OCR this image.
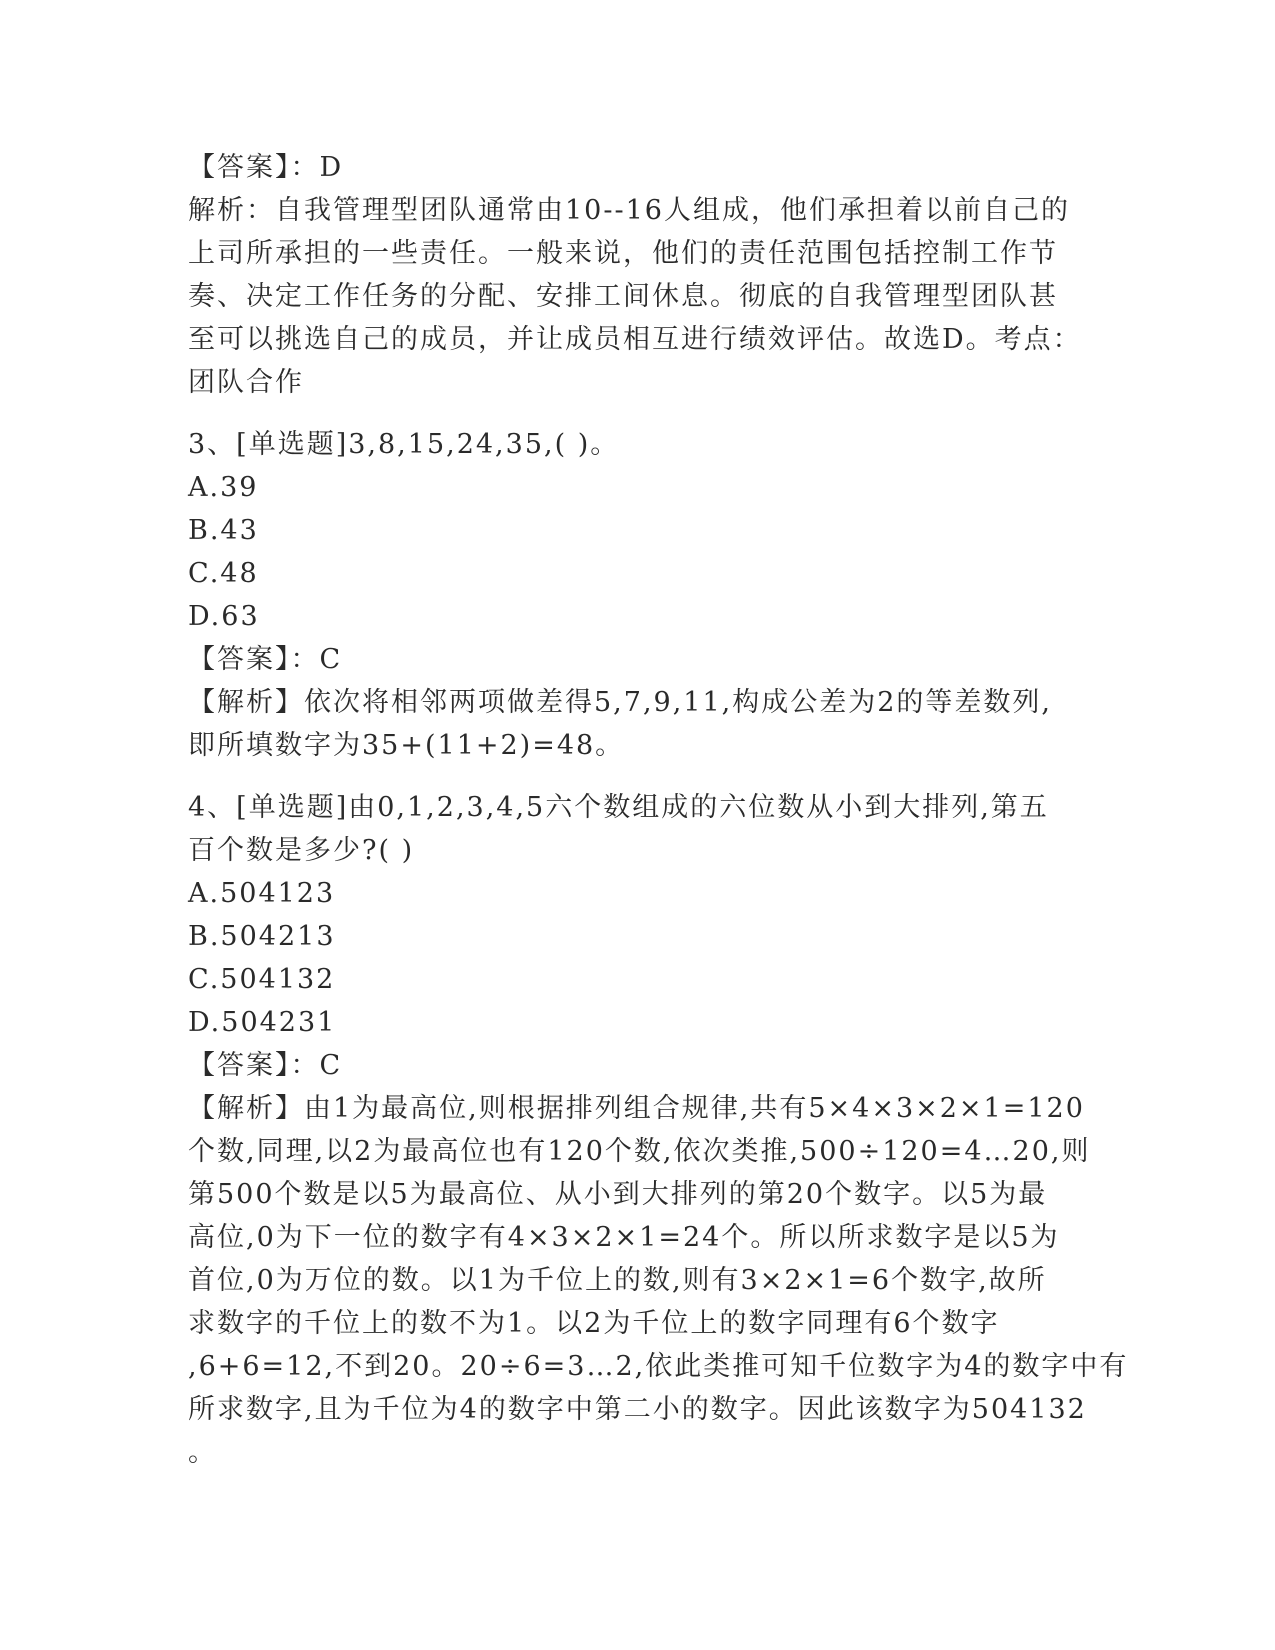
【答案】：D
解析：自我管理型团队通常由10--16人组成，他们承担着以前自己的
上司所承担的一些责任。一般来说，他们的责任范围包括控制工作节
奏、决定工作任务的分配、安排工间休息。彻底的自我管理型团队甚
至可以挑选自己的成员，并让成员相互进行绩效评估。故选D。考点：
团队合作
3、[单选题]3,8,15,24,35,( )。
A.39
B.43
C.48
D.63
【答案】：C
【解析】依次将相邻两项做差得5,7,9,11,构成公差为2的等差数列,
即所填数字为35+(11+2)=48。
4、[单选题]由0,1,2,3,4,5六个数组成的六位数从小到大排列,第五
百个数是多少?( )
A.504123
B.504213
C.504132
D.504231
【答案】：C
【解析】由1为最高位,则根据排列组合规律,共有5×4×3×2×1=120
个数,同理,以2为最高位也有120个数,依次类推,500÷120=4…20,则
第500个数是以5为最高位、从小到大排列的第20个数字。以5为最
高位,0为下一位的数字有4×3×2×1=24个。所以所求数字是以5为
首位,0为万位的数。以1为千位上的数,则有3×2×1=6个数字,故所
求数字的千位上的数不为1。以2为千位上的数字同理有6个数字
,6+6=12,不到20。20÷6=3…2,依此类推可知千位数字为4的数字中有
所求数字,且为千位为4的数字中第二小的数字。因此该数字为504132
。
